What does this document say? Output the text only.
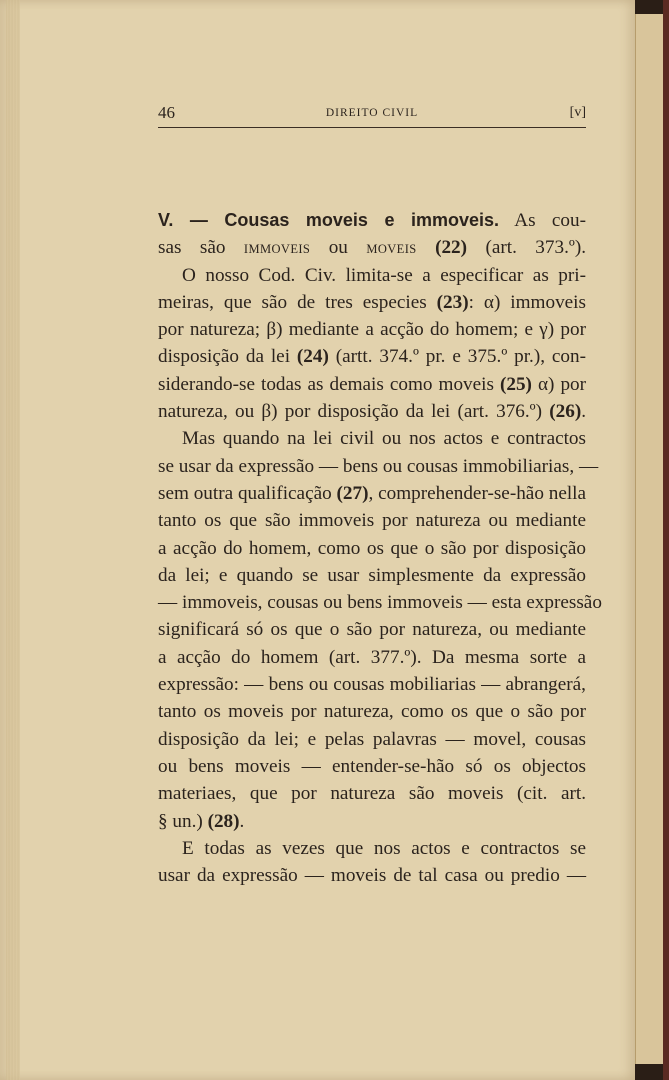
46	DIREITO CIVIL	[v]
V. — Cousas moveis e immoveis. As cou-
sas são IMMOVEIS ou MOVEIS (22) (art. 373.º).
O nosso Cod. Civ. limita-se a especificar as pri-
meiras, que são de tres especies (23): α) immoveis
por natureza; β) mediante a acção do homem; e γ) por
disposição da lei (24) (artt. 374.º pr. e 375.º pr.), con-
siderando-se todas as demais como moveis (25) α) por
natureza, ou β) por disposição da lei (art. 376.º) (26).
Mas quando na lei civil ou nos actos e contractos
se usar da expressão — bens ou cousas immobiliarias, —
sem outra qualificação (27), comprehender-se-hão nella
tanto os que são immoveis por natureza ou mediante
a acção do homem, como os que o são por disposição
da lei; e quando se usar simplesmente da expressão
— immoveis, cousas ou bens immoveis — esta expressão
significará só os que o são por natureza, ou mediante
a acção do homem (art. 377.º). Da mesma sorte a
expressão: — bens ou cousas mobiliarias — abrangerá,
tanto os moveis por natureza, como os que o são por
disposição da lei; e pelas palavras — movel, cousas
ou bens moveis — entender-se-hão só os objectos
materiaes, que por natureza são moveis (cit. art.
§ un.) (28).
E todas as vezes que nos actos e contractos se
usar da expressão — moveis de tal casa ou predio —
